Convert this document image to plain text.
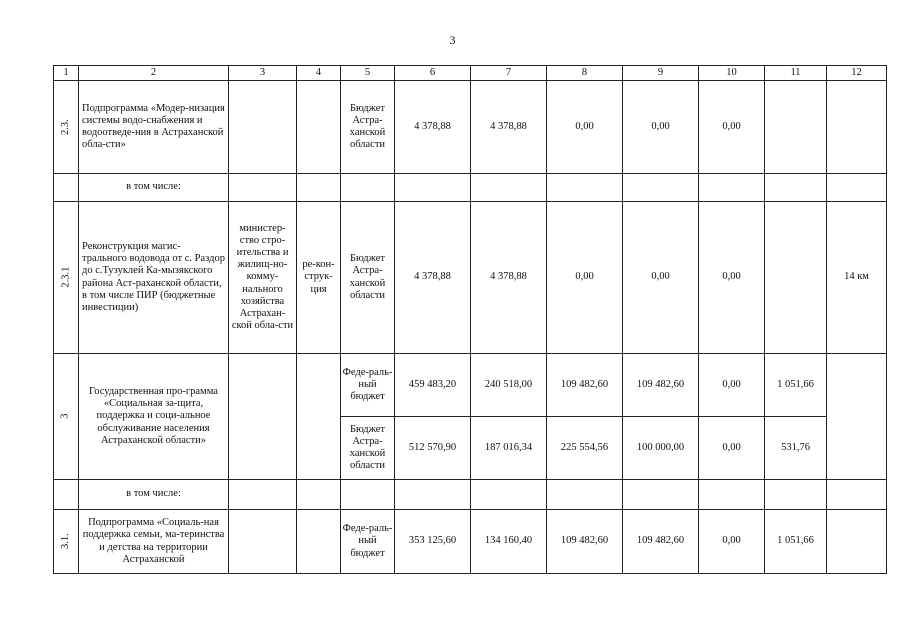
3
1	2	3	4	5	6	7	8	9	10	11	12
2.3.	Подпрограмма «Модер-низация системы водо-снабжения и водоотведе-ния в Астраханской обла-сти»			Бюджет Астра-ханской области	4 378,88	4 378,88	0,00	0,00	0,00		
	в том числе:										
2.3.1	Реконструкция магис-трального водовода от с. Раздор до с.Тузуклей Ка-мызякского района Аст-раханской области, в том числе ПИР (бюджетные инвестиции)	министер-ство стро-ительства и жилищ-но-комму-нального хозяйства Астрахан-ской обла-сти	ре-кон-струк-ция	Бюджет Астра-ханской области	4 378,88	4 378,88	0,00	0,00	0,00		14 км
3	Государственная про-грамма «Социальная за-щита, поддержка и соци-альное обслуживание населения Астраханской области»			Феде-раль-ный бюджет	459 483,20	240 518,00	109 482,60	109 482,60	0,00	1 051,66	
				Бюджет Астра-ханской области	512 570,90	187 016,34	225 554,56	100 000,00	0,00	531,76	
	в том числе:										
3.1.	Подпрограмма «Социаль-ная поддержка семьи, ма-теринства и детства на территории Астраханской			Феде-раль-ный бюджет	353 125,60	134 160,40	109 482,60	109 482,60	0,00	1 051,66	
